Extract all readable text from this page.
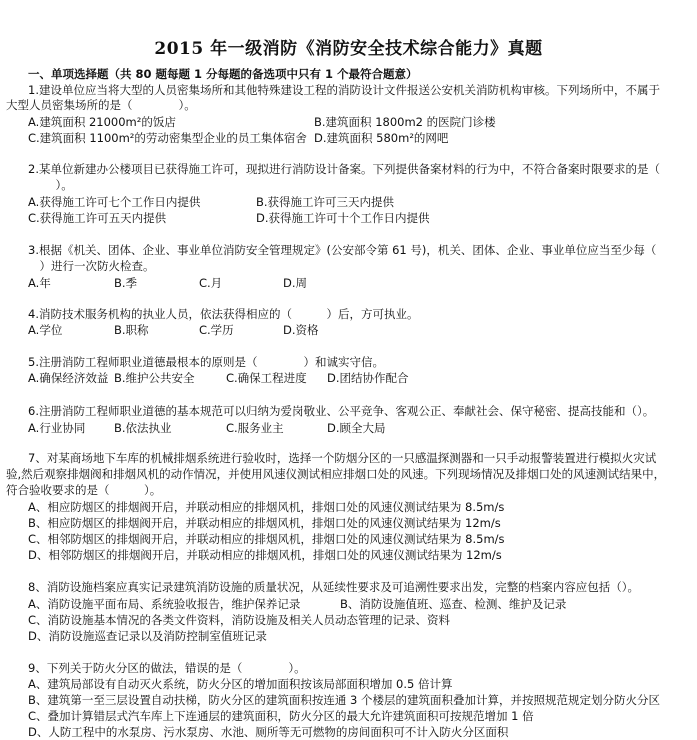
2015 年一级消防《消防安全技术综合能力》真题
一、单项选择题（共 80 题每题 1 分每题的备选项中只有 1 个最符合题意）
1.建设单位应当将大型的人员密集场所和其他特殊建设工程的消防设计文件报送公安机关消防机构审核。下列场所中，不属于
大型人员密集场所的是（　　　　）。
A.建筑面积 21000m²的饭店	B.建筑面积 1800m2 的医院门诊楼
C.建筑面积 1100m²的劳动密集型企业的员工集体宿舍 D.建筑面积 580m²的网吧
2.某单位新建办公楼项目已获得施工许可，现拟进行消防设计备案。下列提供备案材料的行为中，不符合备案时限要求的是（
　）。
A.获得施工许可七个工作日内提供	B.获得施工许可三天内提供
C.获得施工许可五天内提供	D.获得施工许可十个工作日内提供
3.根据《机关、团体、企业、事业单位消防安全管理规定》(公安部令第 61 号)，机关、团体、企业、事业单位应当至少每（
　）进行一次防火检查。
A.年	B.季	C.月	D.周
4.消防技术服务机构的执业人员，依法获得相应的（　　　）后，方可执业。
A.学位	B.职称	C.学历	D.资格
5.注册消防工程师职业道德最根本的原则是（　　　　）和诚实守信。
A.确保经济效益 B.维护公共安全	C.确保工程进度 D.团结协作配合
6.注册消防工程师职业道德的基本规范可以归纳为爱岗敬业、公平竞争、客观公正、奉献社会、保守秘密、提高技能和（）。
A.行业协同 B.依法执业	C.服务业主	D.顾全大局
7、对某商场地下车库的机械排烟系统进行验收时，选择一个防烟分区的一只感温探测器和一只手动报警装置进行模拟火灾试
验,然后观察排烟阀和排烟风机的动作情况，并使用风速仪测试相应排烟口处的风速。下列现场情况及排烟口处的风速测试结果中，
符合验收要求的是（　　　）。
A、相应防烟区的排烟阀开启，并联动相应的排烟风机，排烟口处的风速仪测试结果为 8.5m/s
B、相应防烟区的排烟阀开启，并联动相应的排烟风机，排烟口处的风速仪测试结果为 12m/s
C、相邻防烟区的排烟阀开启，并联动相应的排烟风机，排烟口处的风速仪测试结果为 8.5m/s
D、相邻防烟区的排烟阀开启，并联动相应的排烟风机，排烟口处的风速仪测试结果为 12m/s
8、消防设施档案应真实记录建筑消防设施的质量状况，从延续性要求及可追溯性要求出发，完整的档案内容应包括（）。
A、消防设施平面布局、系统验收报告，维护保养记录	B、消防设施值班、巡查、检测、维护及记录
C、消防设施基本情况的各类文件资料，消防设施及相关人员动态管理的记录、资料
D、消防设施巡查记录以及消防控制室值班记录
9、下列关于防火分区的做法，错误的是（　　　　）。
A、建筑局部设有自动灭火系统，防火分区的增加面积按该局部面积增加 0.5 倍计算
B、建筑第一至三层设置自动扶梯，防火分区的建筑面积按连通 3 个楼层的建筑面积叠加计算，并按照规范规定划分防火分区
C、叠加计算错层式汽车库上下连通层的建筑面积，防火分区的最大允许建筑面积可按规范增加 1 倍
D、人防工程中的水泵房、污水泵房、水池、厕所等无可燃物的房间面积可不计入防火分区面积
